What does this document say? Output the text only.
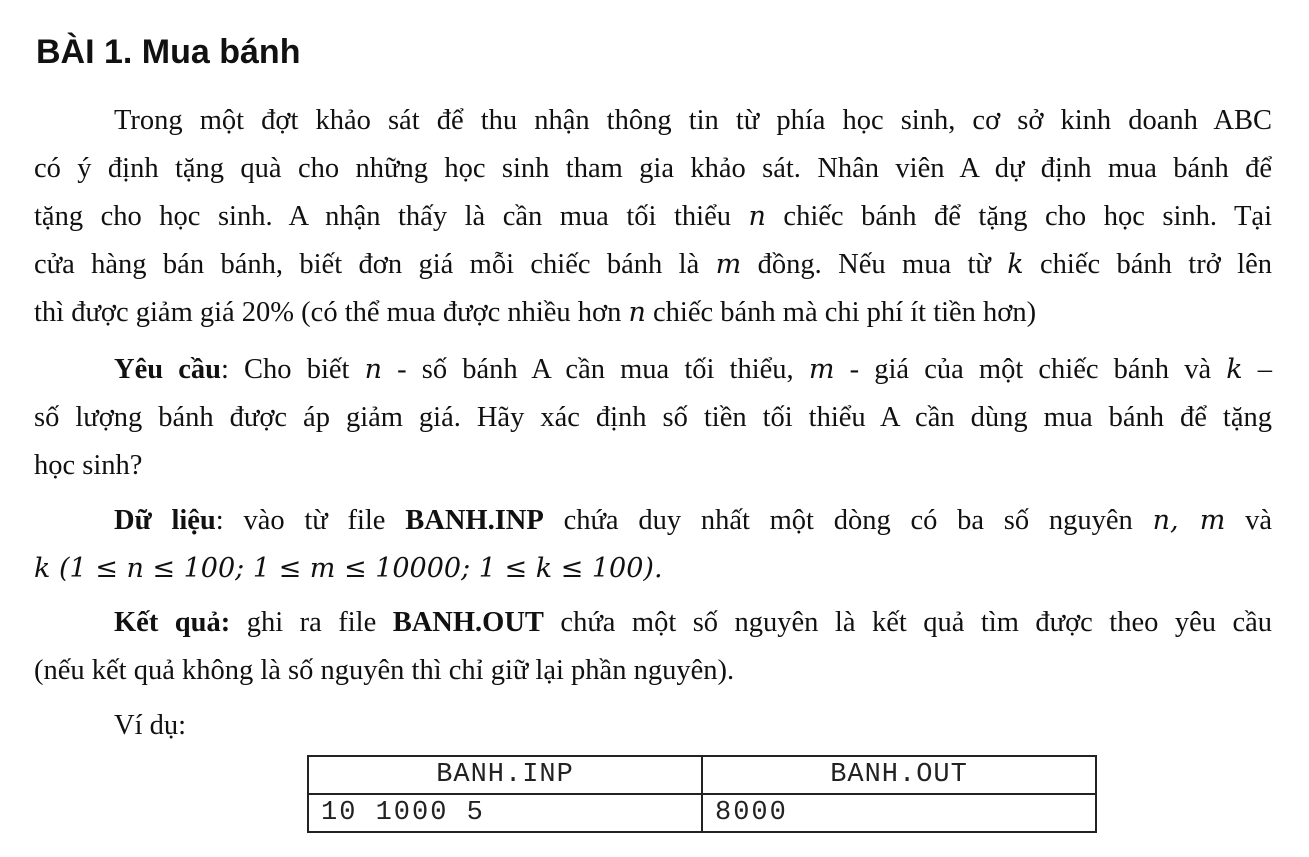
BÀI 1. Mua bánh

Trong một đợt khảo sát để thu nhận thông tin từ phía học sinh, cơ sở kinh doanh ABC
có ý định tặng quà cho những học sinh tham gia khảo sát. Nhân viên A dự định mua bánh để
tặng cho học sinh. A nhận thấy là cần mua tối thiểu n chiếc bánh để tặng cho học sinh. Tại
cửa hàng bán bánh, biết đơn giá mỗi chiếc bánh là m đồng. Nếu mua từ k chiếc bánh trở lên
thì được giảm giá 20% (có thể mua được nhiều hơn n chiếc bánh mà chi phí ít tiền hơn)

Yêu cầu: Cho biết n - số bánh A cần mua tối thiểu, m - giá của một chiếc bánh và k –
số lượng bánh được áp giảm giá. Hãy xác định số tiền tối thiểu A cần dùng mua bánh để tặng
học sinh?

Dữ liệu: vào từ file BANH.INP chứa duy nhất một dòng có ba số nguyên n, m và
k (1 ≤ n ≤ 100; 1 ≤ m ≤ 10000; 1 ≤ k ≤ 100).

Kết quả: ghi ra file BANH.OUT chứa một số nguyên là kết quả tìm được theo yêu cầu
(nếu kết quả không là số nguyên thì chỉ giữ lại phần nguyên).

Ví dụ:

BANH.INP	BANH.OUT
10 1000 5	8000
